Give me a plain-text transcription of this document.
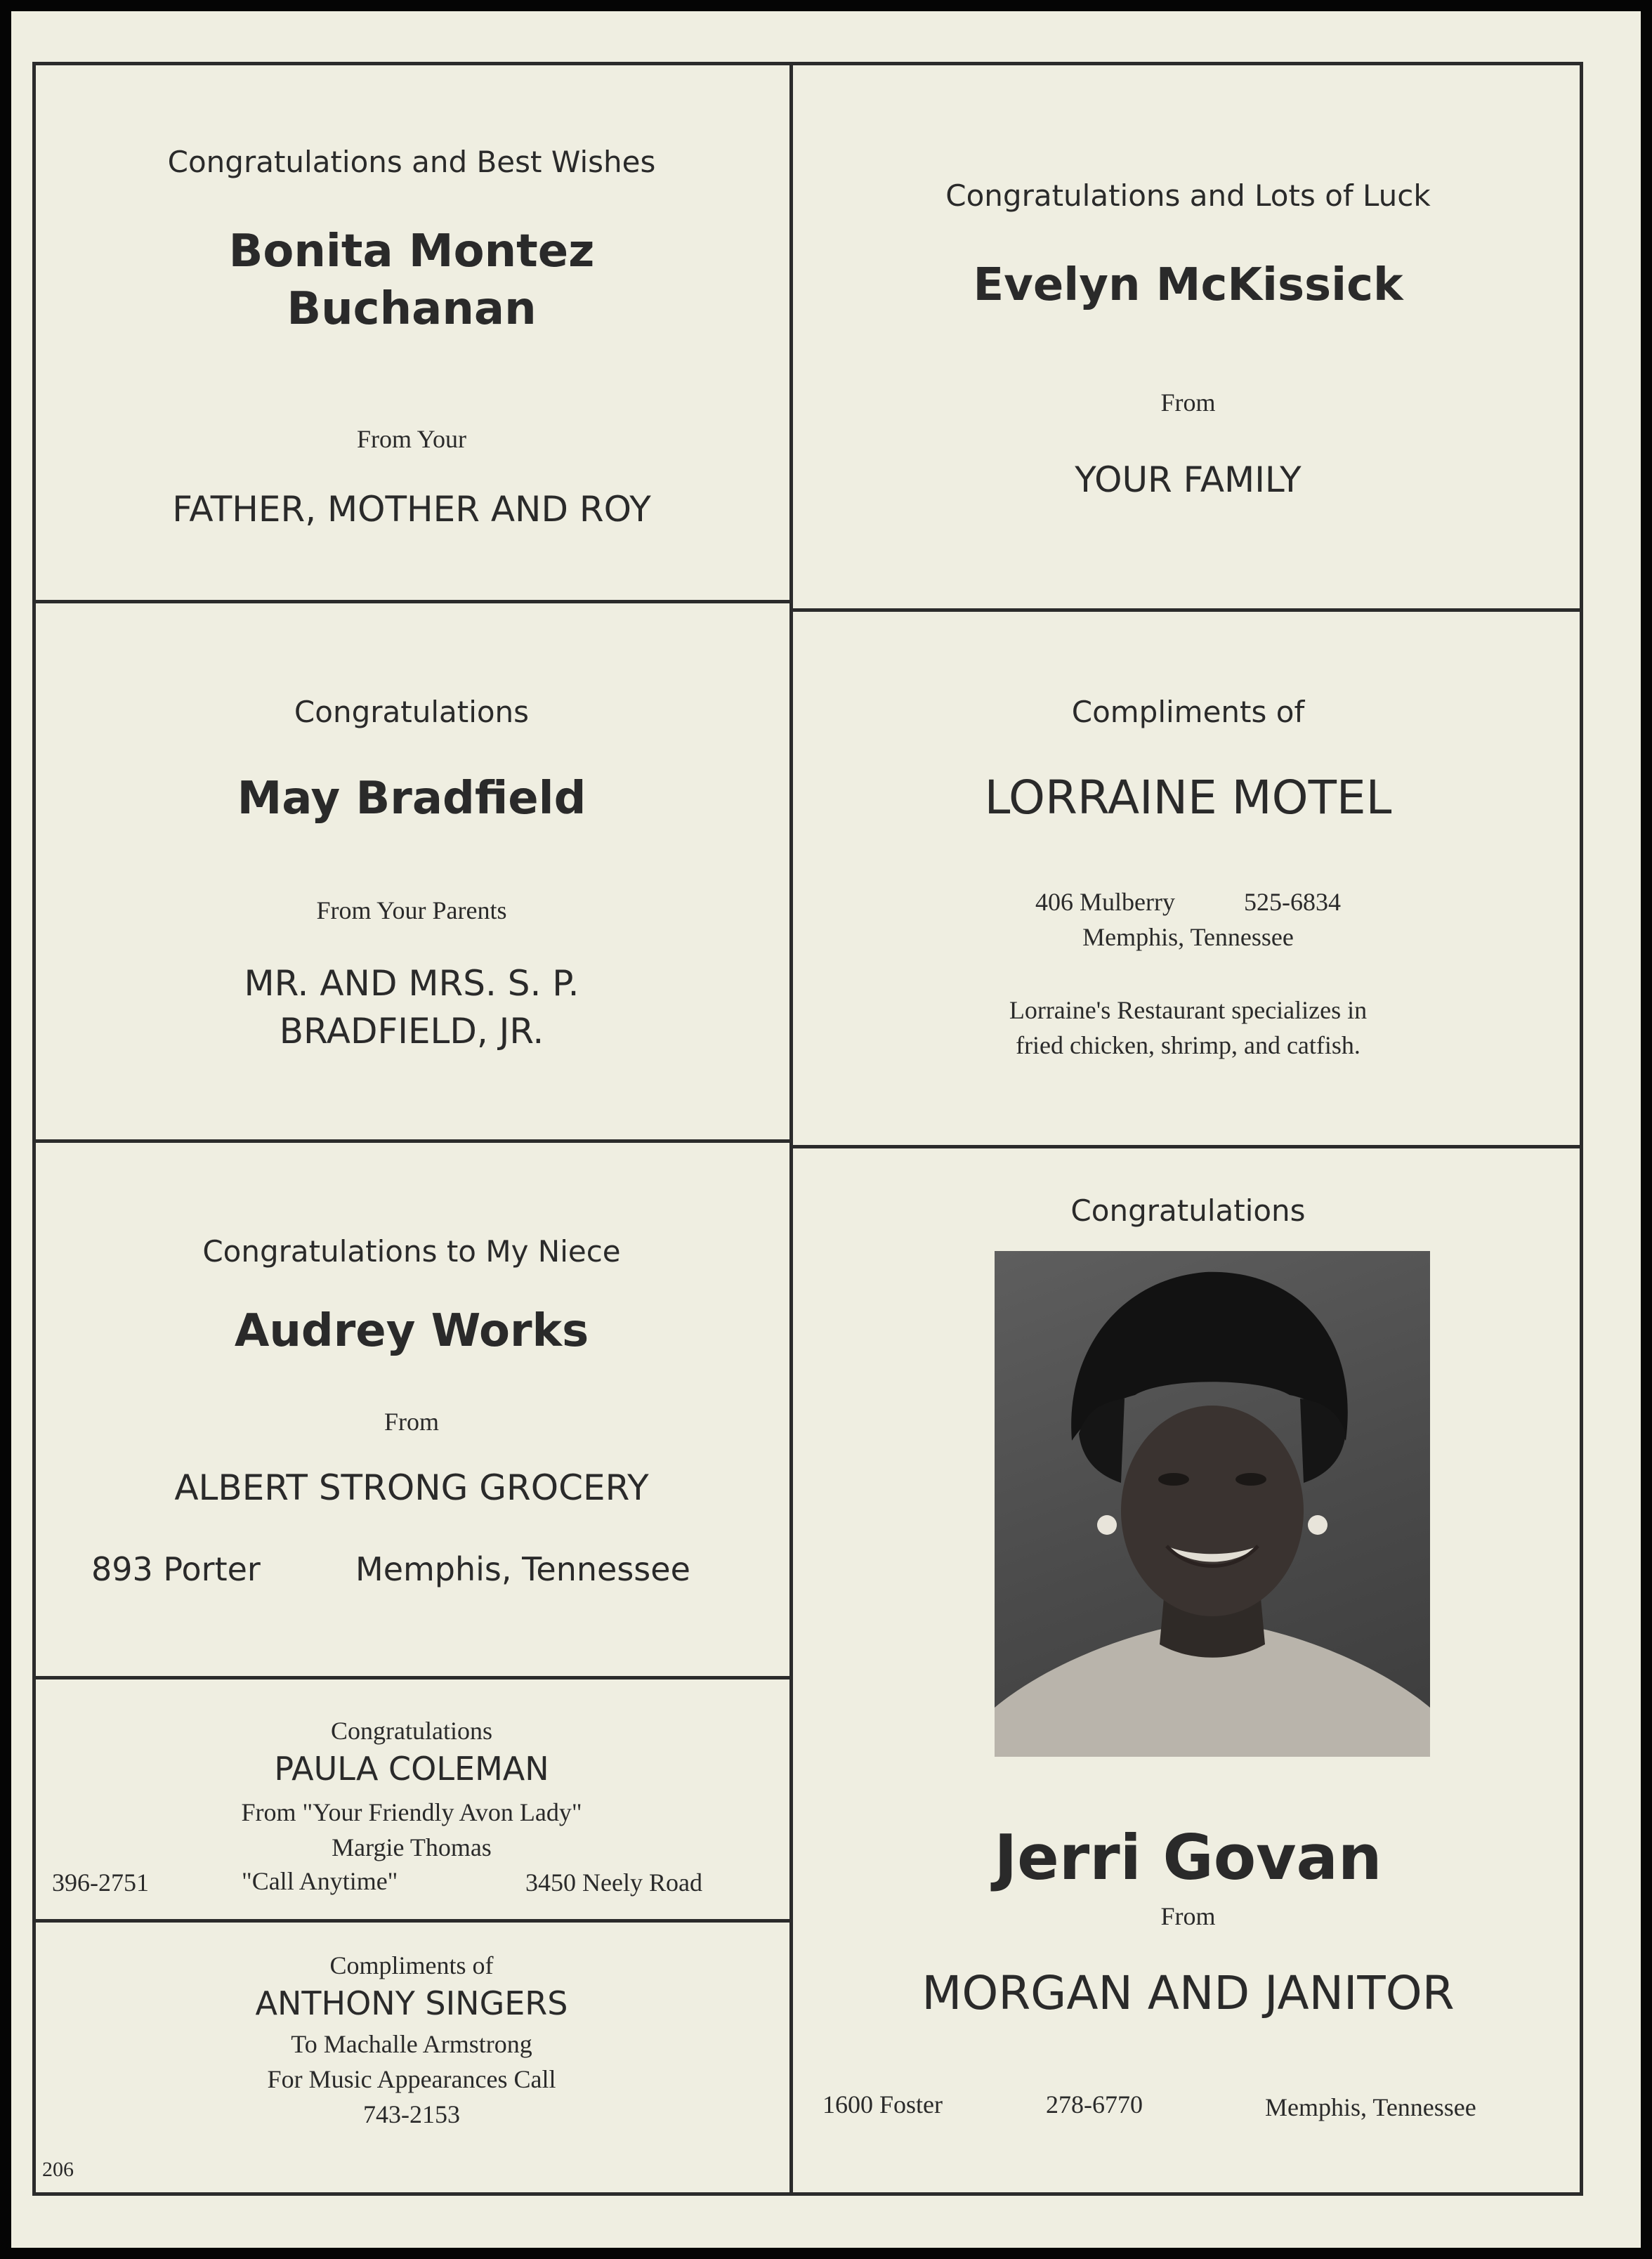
Congratulations and Best Wishes
Bonita Montez
Buchanan
From Your
FATHER, MOTHER AND ROY
Congratulations and Lots of Luck
Evelyn McKissick
From
YOUR FAMILY
Congratulations
May Bradfield
From Your Parents
MR. AND MRS. S. P.
BRADFIELD, JR.
Compliments of
LORRAINE MOTEL
406 Mulberry	525-6834
Memphis, Tennessee
Lorraine's Restaurant specializes in
fried chicken, shrimp, and catfish.
Congratulations to My Niece
Audrey Works
From
ALBERT STRONG GROCERY
893 Porter	Memphis, Tennessee
Congratulations
PAULA COLEMAN
From "Your Friendly Avon Lady"
Margie Thomas
396-2751	"Call Anytime"	3450 Neely Road
Compliments of
ANTHONY SINGERS
To Machalle Armstrong
For Music Appearances Call
743-2153
Congratulations
Jerri Govan
From
MORGAN AND JANITOR
1600 Foster	278-6770	Memphis, Tennessee
206
